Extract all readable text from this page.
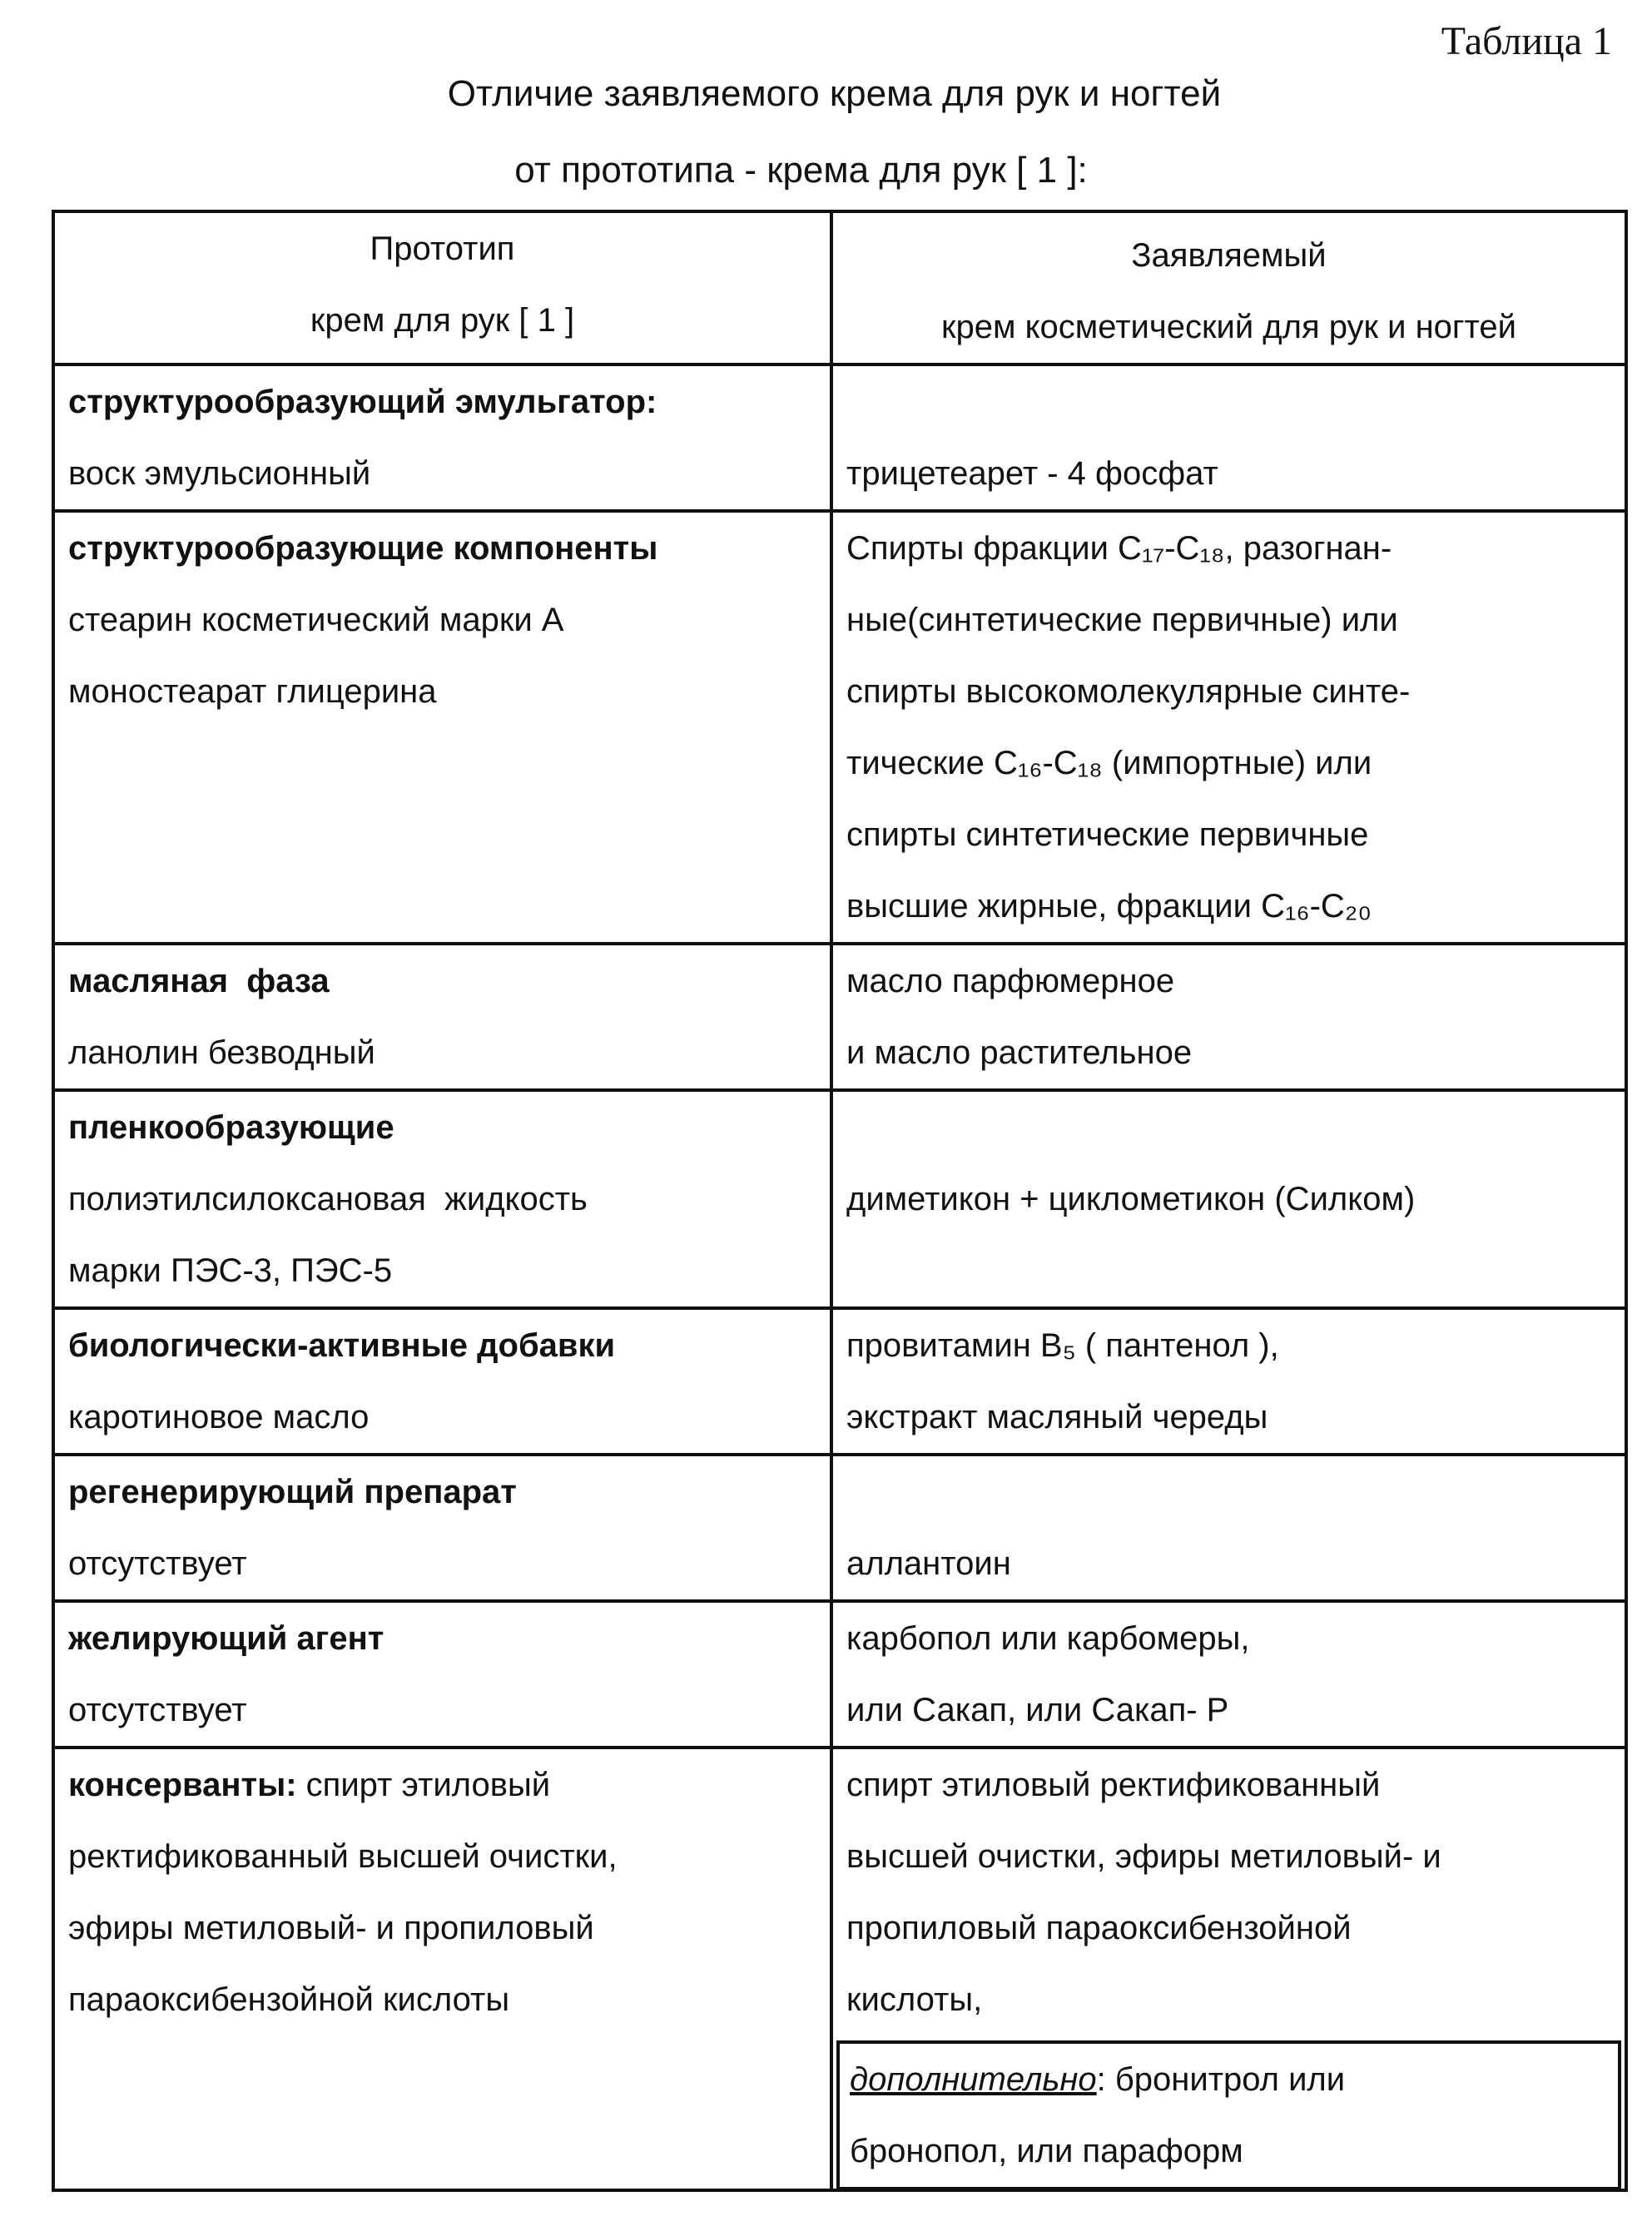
Таблица 1
Отличие заявляемого крема для рук и ногтей
от прототипа - крема для рук [ 1 ]:
Прототип
крем для рук [ 1 ]

Заявляемый
крем косметический для рук и ногтей

структурообразующий эмульгатор:
воск эмульсионный	трицетеарет - 4 фосфат

структурообразующие компоненты
стеарин косметический марки А
моностеарат глицерина

Спирты фракции C₁₇-C₁₈, разогнан-
ные(синтетические первичные) или
спирты высокомолекулярные синте-
тические C₁₆-C₁₈ (импортные) или
спирты синтетические первичные
высшие жирные, фракции C₁₆-C₂₀

масляная  фаза
ланолин безводный

масло парфюмерное
и масло растительное

пленкообразующие
полиэтилсилоксановая  жидкость
марки ПЭС-3, ПЭС-5

диметикон + циклометикон (Силком)

биологически-активные добавки
каротиновое масло

провитамин B₅ ( пантенол ),
экстракт масляный череды

регенерирующий препарат
отсутствует	аллантоин

желирующий агент
отсутствует

карбопол или карбомеры,
или Сакап, или Сакап- Р

консерванты: спирт этиловый
ректификованный высшей очистки,
эфиры метиловый- и пропиловый
параоксибензойной кислоты

спирт этиловый ректификованный
высшей очистки, эфиры метиловый- и
пропиловый параоксибензойной
кислоты,
дополнительно: бронитрол или
бронопол, или параформ
